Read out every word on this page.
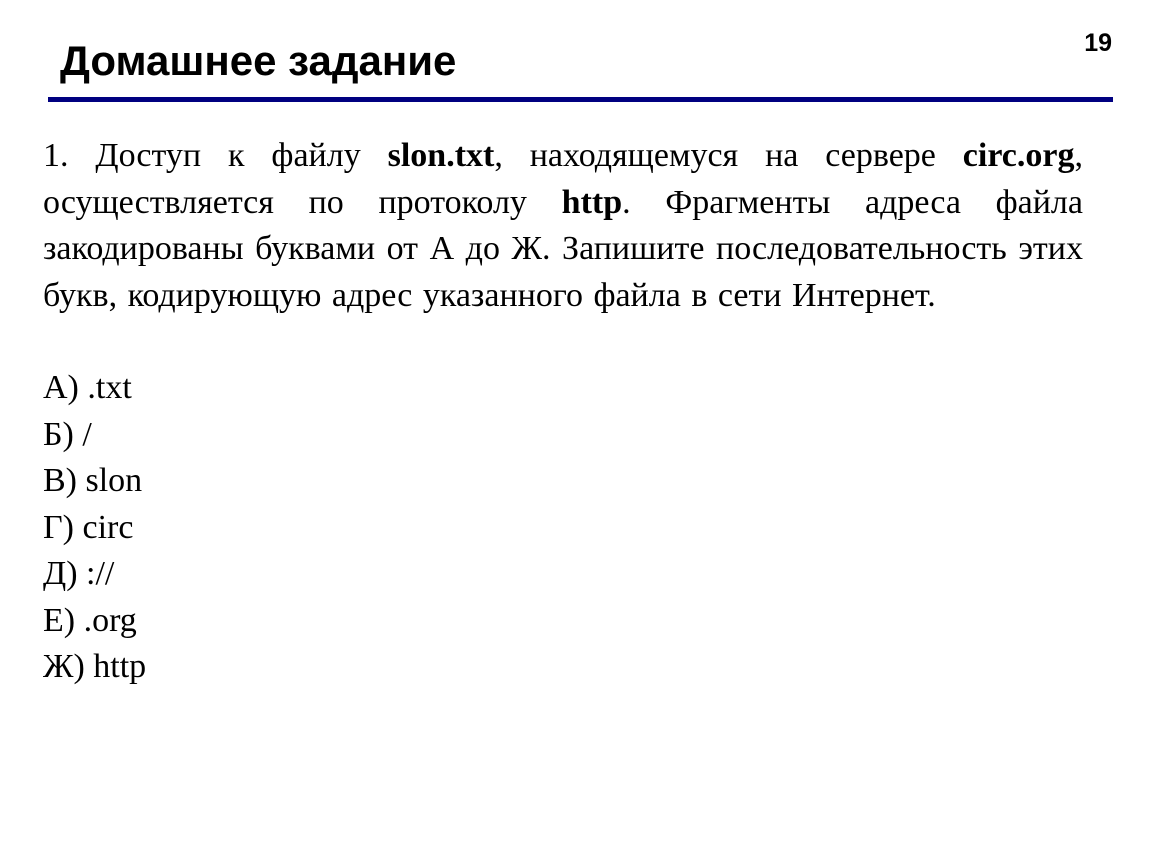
Домашнее задание	19

1. Доступ к файлу slon.txt, находящемуся на сервере circ.org, осуществляется по протоколу http. Фрагменты адреса файла закодированы буквами от А до Ж. Запишите последовательность этих букв, кодирующую адрес указанного файла в сети Интернет.

А) .txt
Б) /
В) slon
Г) circ
Д) ://
Е) .org
Ж) http
